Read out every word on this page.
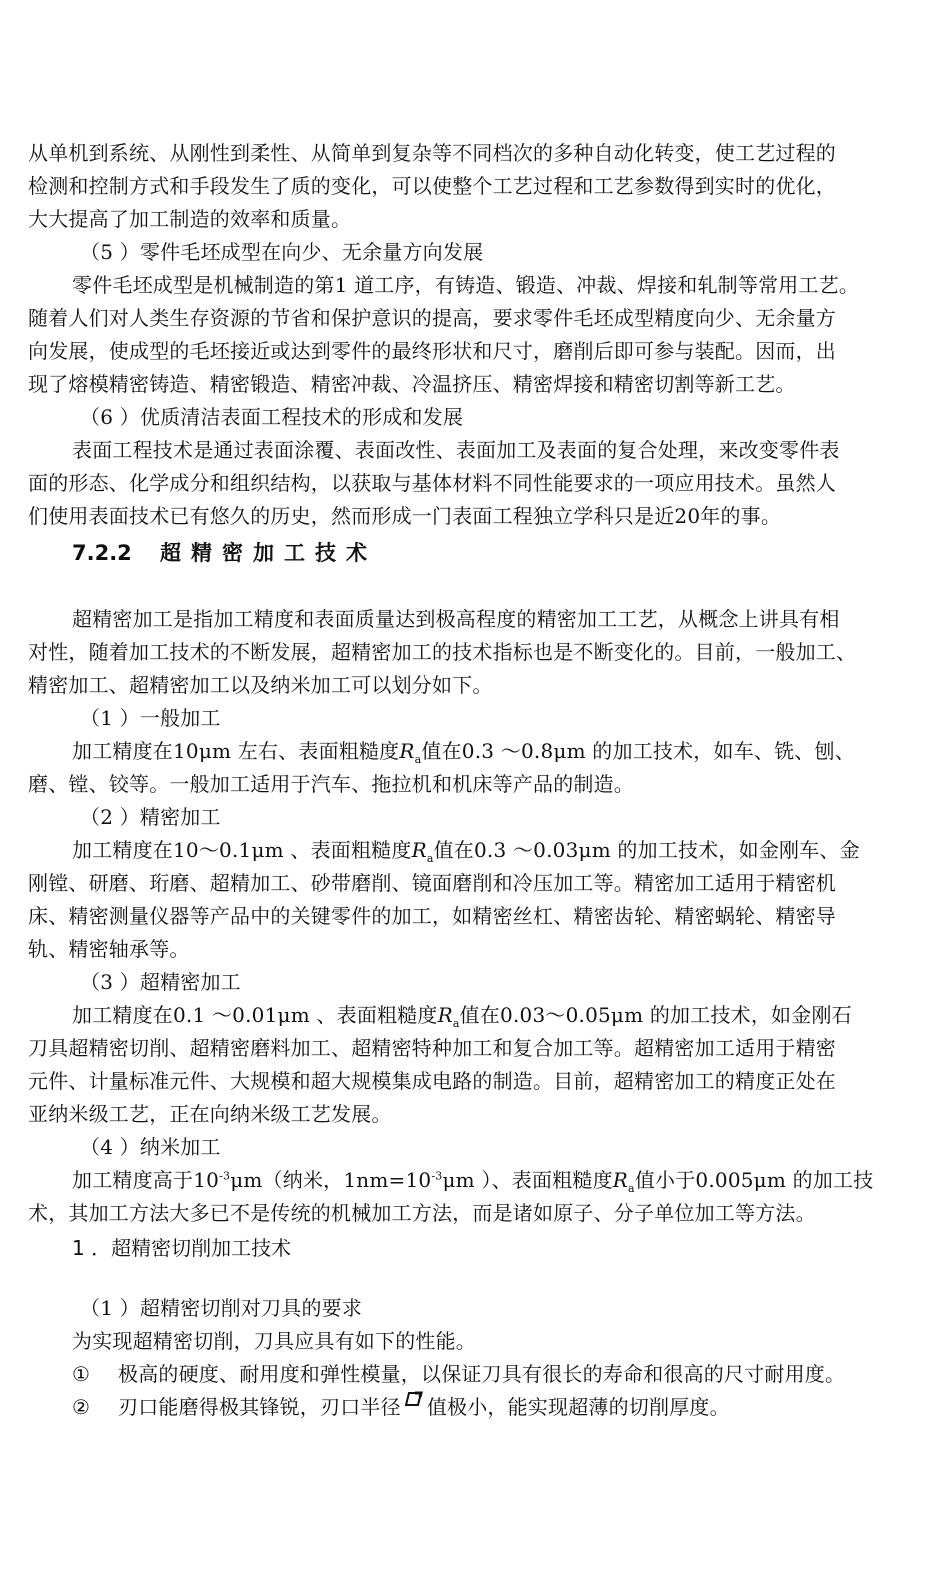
从单机到系统、从刚性到柔性、从简单到复杂等不同档次的多种自动化转变，使工艺过程的
检测和控制方式和手段发生了质的变化，可以使整个工艺过程和工艺参数得到实时的优化，
大大提高了加工制造的效率和质量。
（5 ）零件毛坯成型在向少、无余量方向发展
零件毛坯成型是机械制造的第1 道工序，有铸造、锻造、冲裁、焊接和轧制等常用工艺。
随着人们对人类生存资源的节省和保护意识的提高，要求零件毛坯成型精度向少、无余量方
向发展，使成型的毛坯接近或达到零件的最终形状和尺寸，磨削后即可参与装配。因而，出
现了熔模精密铸造、精密锻造、精密冲裁、冷温挤压、精密焊接和精密切割等新工艺。
（6 ）优质清洁表面工程技术的形成和发展
表面工程技术是通过表面涂覆、表面改性、表面加工及表面的复合处理，来改变零件表
面的形态、化学成分和组织结构，以获取与基体材料不同性能要求的一项应用技术。虽然人
们使用表面技术已有悠久的历史，然而形成一门表面工程独立学科只是近20年的事。
7.2.2 超精密加工技术
超精密加工是指加工精度和表面质量达到极高程度的精密加工工艺，从概念上讲具有相
对性，随着加工技术的不断发展，超精密加工的技术指标也是不断变化的。目前，一般加工、
精密加工、超精密加工以及纳米加工可以划分如下。
（1 ）一般加工
加工精度在10μm 左右、表面粗糙度$R_a$值在0.3 ～0.8μm 的加工技术，如车、铣、刨、
磨、镗、铰等。一般加工适用于汽车、拖拉机和机床等产品的制造。
（2 ）精密加工
加工精度在10～0.1μm 、表面粗糙度$R_a$值在0.3 ～0.03μm 的加工技术，如金刚车、金
刚镗、研磨、珩磨、超精加工、砂带磨削、镜面磨削和冷压加工等。精密加工适用于精密机
床、精密测量仪器等产品中的关键零件的加工，如精密丝杠、精密齿轮、精密蜗轮、精密导
轨、精密轴承等。
（3 ）超精密加工
加工精度在0.1 ～0.01μm 、表面粗糙度$R_a$值在0.03～0.05μm 的加工技术，如金刚石
刀具超精密切削、超精密磨料加工、超精密特种加工和复合加工等。超精密加工适用于精密
元件、计量标准元件、大规模和超大规模集成电路的制造。目前，超精密加工的精度正处在
亚纳米级工艺，正在向纳米级工艺发展。
（4 ）纳米加工
加工精度高于$10^{-3}\mu m$（纳米，$1nm=10^{-3}\mu m$ ）、表面粗糙度$R_a$值小于0.005μm 的加工技
术，其加工方法大多已不是传统的机械加工方法，而是诸如原子、分子单位加工等方法。
1 ．超精密切削加工技术
（1 ）超精密切削对刀具的要求
为实现超精密切削，刀具应具有如下的性能。
①	极高的硬度、耐用度和弹性模量，以保证刀具有很长的寿命和很高的尺寸耐用度。
②	刃口能磨得极其锋锐，刃口半径 值极小，能实现超薄的切削厚度。
